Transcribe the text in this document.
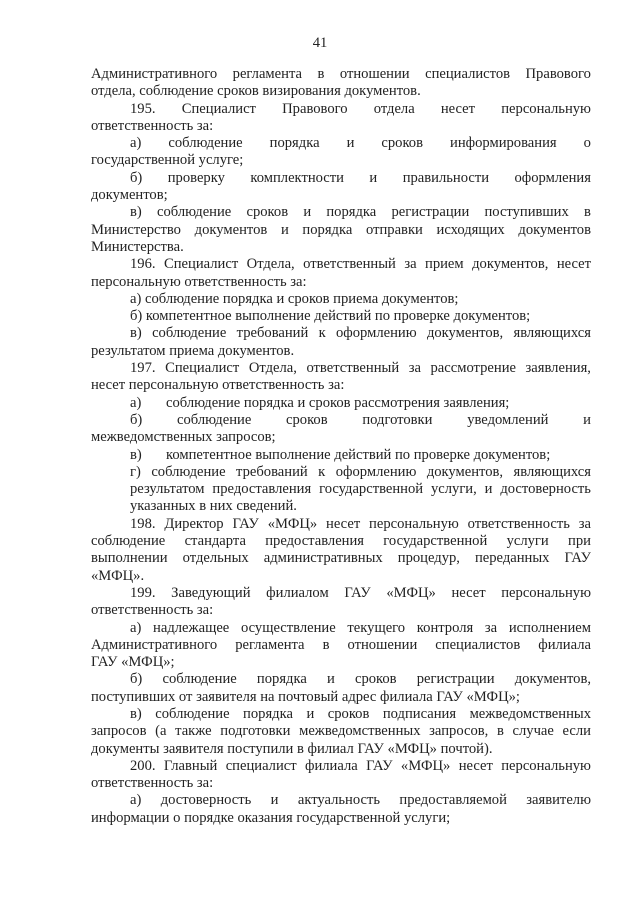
41
Административного регламента в отношении специалистов Правового
отдела, соблюдение сроков визирования документов.
195. Специалист Правового отдела несет персональную
ответственность за:
а) соблюдение порядка и сроков информирования о
государственной услуге;
б) проверку комплектности и правильности оформления
документов;
в) соблюдение сроков и порядка регистрации поступивших в
Министерство документов и порядка отправки исходящих документов
Министерства.
196. Специалист Отдела, ответственный за прием документов, несет
персональную ответственность за:
а) соблюдение порядка и сроков приема документов;
б) компетентное выполнение действий по проверке документов;
в) соблюдение требований к оформлению документов, являющихся
результатом приема документов.
197. Специалист Отдела, ответственный за рассмотрение заявления,
несет персональную ответственность за:
а) соблюдение порядка и сроков рассмотрения заявления;
б) соблюдение сроков подготовки уведомлений и
межведомственных запросов;
в) компетентное выполнение действий по проверке документов;
г) соблюдение требований к оформлению документов, являющихся
результатом предоставления государственной услуги, и достоверность
указанных в них сведений.
198. Директор ГАУ «МФЦ» несет персональную ответственность за
соблюдение стандарта предоставления государственной услуги при
выполнении отдельных административных процедур, переданных ГАУ
«МФЦ».
199. Заведующий филиалом ГАУ «МФЦ» несет персональную
ответственность за:
а) надлежащее осуществление текущего контроля за исполнением
Административного регламента в отношении специалистов филиала
ГАУ «МФЦ»;
б) соблюдение порядка и сроков регистрации документов,
поступивших от заявителя на почтовый адрес филиала ГАУ «МФЦ»;
в) соблюдение порядка и сроков подписания межведомственных
запросов (а также подготовки межведомственных запросов, в случае если
документы заявителя поступили в филиал ГАУ «МФЦ» почтой).
200. Главный специалист филиала ГАУ «МФЦ» несет персональную
ответственность за:
а) достоверность и актуальность предоставляемой заявителю
информации о порядке оказания государственной услуги;
